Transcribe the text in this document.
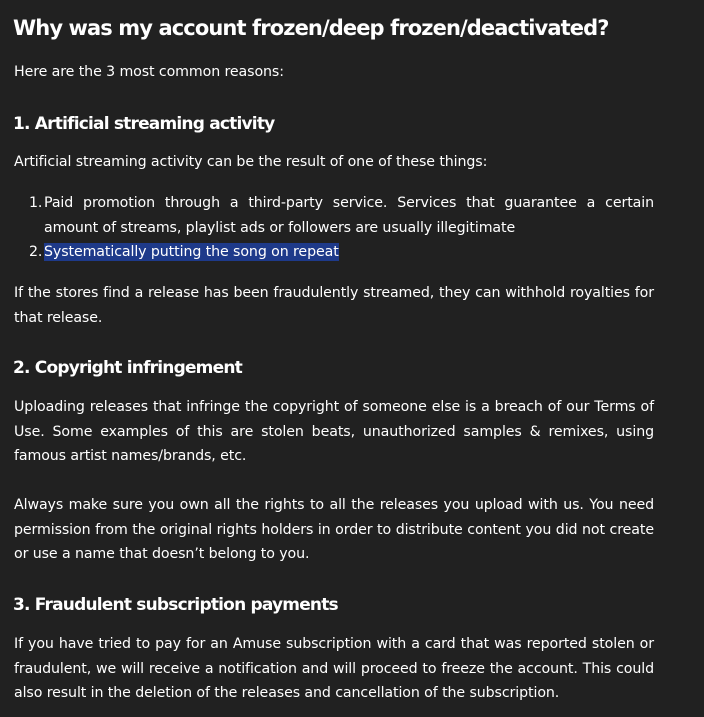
Why was my account frozen/deep frozen/deactivated?

Here are the 3 most common reasons:

1. Artificial streaming activity

Artificial streaming activity can be the result of one of these things:

1. Paid promotion through a third-party service. Services that guarantee a certain amount of streams, playlist ads or followers are usually illegitimate
2. Systematically putting the song on repeat

If the stores find a release has been fraudulently streamed, they can withhold royalties for that release.

2. Copyright infringement

Uploading releases that infringe the copyright of someone else is a breach of our Terms of Use. Some examples of this are stolen beats, unauthorized samples & remixes, using famous artist names/brands, etc.

Always make sure you own all the rights to all the releases you upload with us. You need permission from the original rights holders in order to distribute content you did not create or use a name that doesn’t belong to you.

3. Fraudulent subscription payments

If you have tried to pay for an Amuse subscription with a card that was reported stolen or fraudulent, we will receive a notification and will proceed to freeze the account. This could also result in the deletion of the releases and cancellation of the subscription.
